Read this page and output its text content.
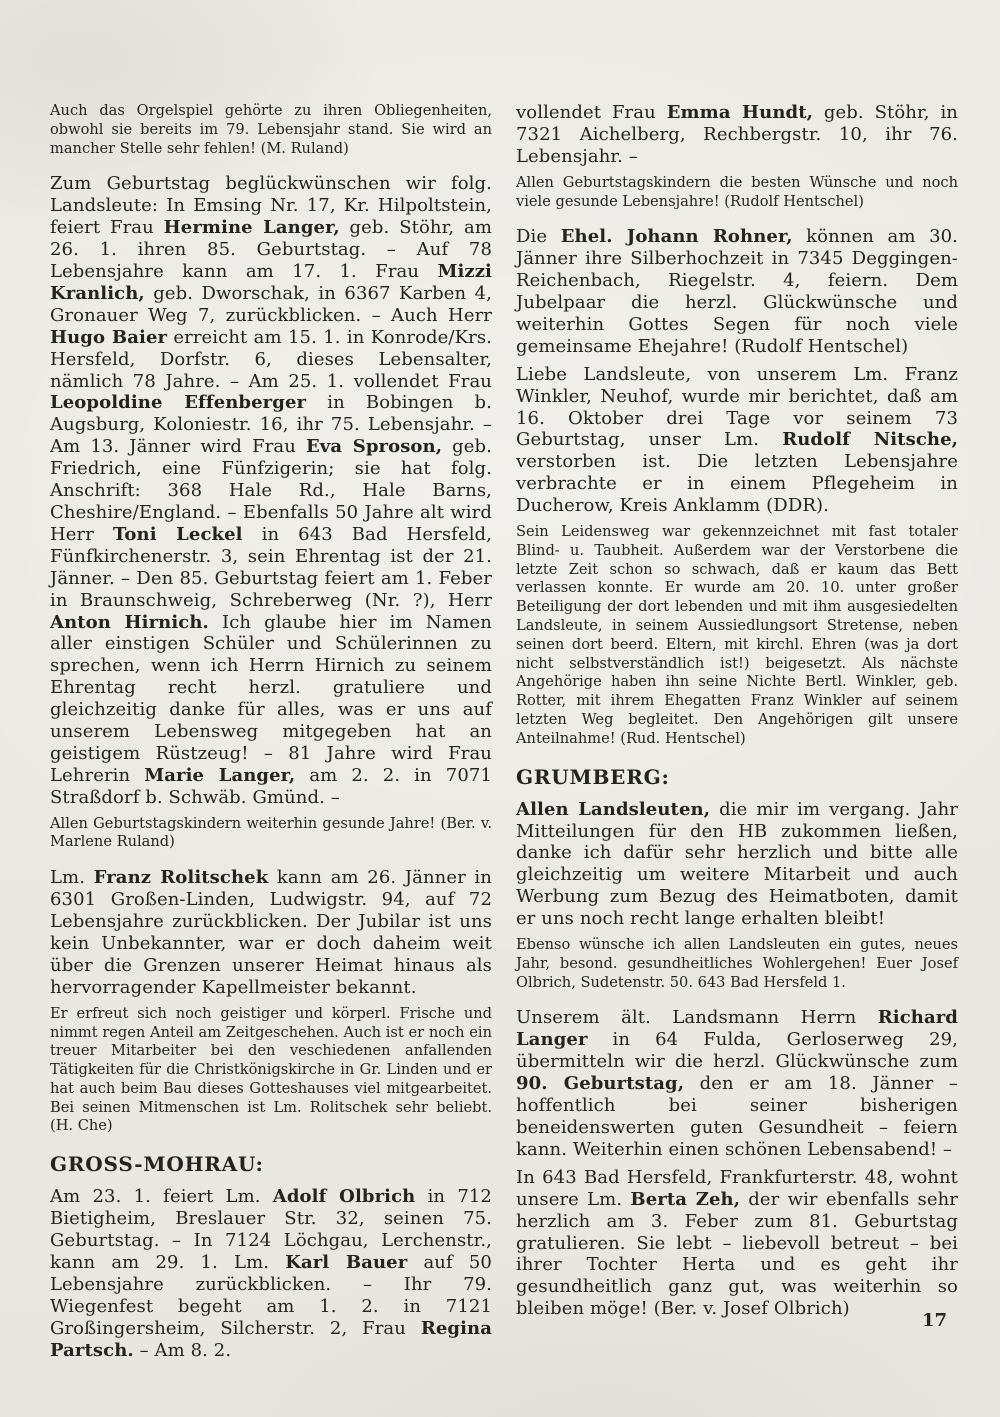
Auch das Orgelspiel gehörte zu ihren Obliegenheiten, obwohl sie bereits im 79. Lebensjahr stand. Sie wird an mancher Stelle sehr fehlen! (M. Ruland)

Zum Geburtstag beglückwünschen wir folg. Landsleute: In Emsing Nr. 17, Kr. Hilpoltstein, feiert Frau Hermine Langer, geb. Stöhr, am 26. 1. ihren 85. Geburtstag. – Auf 78 Lebensjahre kann am 17. 1. Frau Mizzi Kranlich, geb. Dworschak, in 6367 Karben 4, Gronauer Weg 7, zurückblicken. – Auch Herr Hugo Baier erreicht am 15. 1. in Konrode/Krs. Hersfeld, Dorfstr. 6, dieses Lebensalter, nämlich 78 Jahre. – Am 25. 1. vollendet Frau Leopoldine Effenberger in Bobingen b. Augsburg, Koloniestr. 16, ihr 75. Lebensjahr. – Am 13. Jänner wird Frau Eva Sproson, geb. Friedrich, eine Fünfzigerin; sie hat folg. Anschrift: 368 Hale Rd., Hale Barns, Cheshire/England. – Ebenfalls 50 Jahre alt wird Herr Toni Leckel in 643 Bad Hersfeld, Fünfkirchenerstr. 3, sein Ehrentag ist der 21. Jänner. – Den 85. Geburtstag feiert am 1. Feber in Braunschweig, Schreberweg (Nr. ?), Herr Anton Hirnich. Ich glaube hier im Namen aller einstigen Schüler und Schülerinnen zu sprechen, wenn ich Herrn Hirnich zu seinem Ehrentag recht herzl. gratuliere und gleichzeitig danke für alles, was er uns auf unserem Lebensweg mitgegeben hat an geistigem Rüstzeug! – 81 Jahre wird Frau Lehrerin Marie Langer, am 2. 2. in 7071 Straßdorf b. Schwäb. Gmünd. –

Allen Geburtstagskindern weiterhin gesunde Jahre! (Ber. v. Marlene Ruland)

Lm. Franz Rolitschek kann am 26. Jänner in 6301 Großen-Linden, Ludwigstr. 94, auf 72 Lebensjahre zurückblicken. Der Jubilar ist uns kein Unbekannter, war er doch daheim weit über die Grenzen unserer Heimat hinaus als hervorragender Kapellmeister bekannt.

Er erfreut sich noch geistiger und körperl. Frische und nimmt regen Anteil am Zeitgeschehen. Auch ist er noch ein treuer Mitarbeiter bei den veschiedenen anfallenden Tätigkeiten für die Christkönigskirche in Gr. Linden und er hat auch beim Bau dieses Gotteshauses viel mitgearbeitet. Bei seinen Mitmenschen ist Lm. Rolitschek sehr beliebt. (H. Che)

GROSS-MOHRAU:

Am 23. 1. feiert Lm. Adolf Olbrich in 712 Bietigheim, Breslauer Str. 32, seinen 75. Geburtstag. – In 7124 Löchgau, Lerchenstr., kann am 29. 1. Lm. Karl Bauer auf 50 Lebensjahre zurückblicken. – Ihr 79. Wiegenfest begeht am 1. 2. in 7121 Großingersheim, Silcherstr. 2, Frau Regina Partsch. – Am 8. 2.

vollendet Frau Emma Hundt, geb. Stöhr, in 7321 Aichelberg, Rechbergstr. 10, ihr 76. Lebensjahr. –

Allen Geburtstagskindern die besten Wünsche und noch viele gesunde Lebensjahre! (Rudolf Hentschel)

Die Ehel. Johann Rohner, können am 30. Jänner ihre Silberhochzeit in 7345 Deggingen-Reichenbach, Riegelstr. 4, feiern. Dem Jubelpaar die herzl. Glückwünsche und weiterhin Gottes Segen für noch viele gemeinsame Ehejahre! (Rudolf Hentschel)

Liebe Landsleute, von unserem Lm. Franz Winkler, Neuhof, wurde mir berichtet, daß am 16. Oktober drei Tage vor seinem 73 Geburtstag, unser Lm. Rudolf Nitsche, verstorben ist. Die letzten Lebensjahre verbrachte er in einem Pflegeheim in Ducherow, Kreis Anklamm (DDR).

Sein Leidensweg war gekennzeichnet mit fast totaler Blind- u. Taubheit. Außerdem war der Verstorbene die letzte Zeit schon so schwach, daß er kaum das Bett verlassen konnte. Er wurde am 20. 10. unter großer Beteiligung der dort lebenden und mit ihm ausgesiedelten Landsleute, in seinem Aussiedlungsort Stretense, neben seinen dort beerd. Eltern, mit kirchl. Ehren (was ja dort nicht selbstverständlich ist!) beigesetzt. Als nächste Angehörige haben ihn seine Nichte Bertl. Winkler, geb. Rotter, mit ihrem Ehegatten Franz Winkler auf seinem letzten Weg begleitet. Den Angehörigen gilt unsere Anteilnahme! (Rud. Hentschel)

GRUMBERG:

Allen Landsleuten, die mir im vergang. Jahr Mitteilungen für den HB zukommen ließen, danke ich dafür sehr herzlich und bitte alle gleichzeitig um weitere Mitarbeit und auch Werbung zum Bezug des Heimatboten, damit er uns noch recht lange erhalten bleibt!

Ebenso wünsche ich allen Landsleuten ein gutes, neues Jahr, besond. gesundheitliches Wohlergehen! Euer Josef Olbrich, Sudetenstr. 50. 643 Bad Hersfeld 1.

Unserem ält. Landsmann Herrn Richard Langer in 64 Fulda, Gerloserweg 29, übermitteln wir die herzl. Glückwünsche zum 90. Geburtstag, den er am 18. Jänner – hoffentlich bei seiner bisherigen beneidenswerten guten Gesundheit – feiern kann. Weiterhin einen schönen Lebensabend! –

In 643 Bad Hersfeld, Frankfurterstr. 48, wohnt unsere Lm. Berta Zeh, der wir ebenfalls sehr herzlich am 3. Feber zum 81. Geburtstag gratulieren. Sie lebt – liebevoll betreut – bei ihrer Tochter Herta und es geht ihr gesundheitlich ganz gut, was weiterhin so bleiben möge! (Ber. v. Josef Olbrich)

17
